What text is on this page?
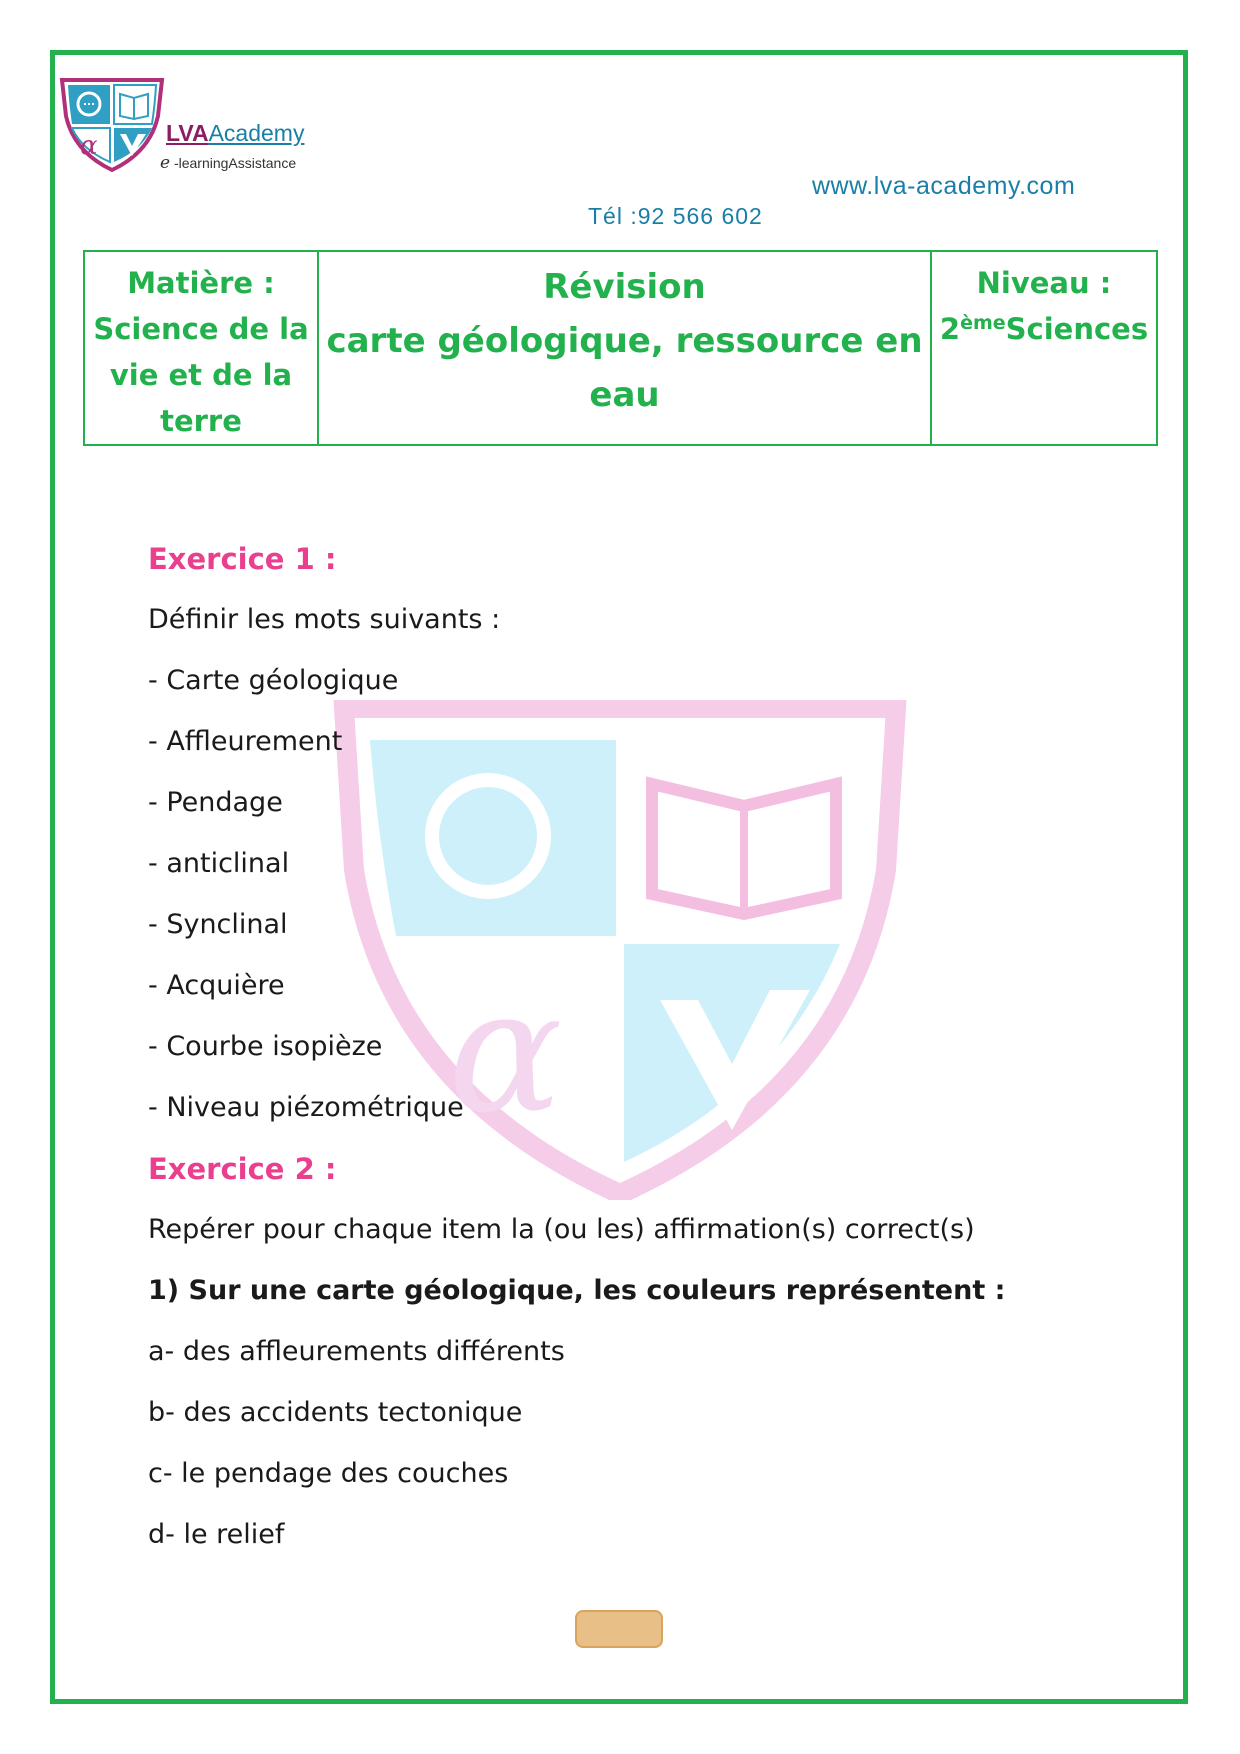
α	LVAAcademy
e -learningAssistance
www.lva-academy.com
Tél :92 566 602
Matière :
Science de la
vie et de la
terre

Révision
carte géologique, ressource en
eau

Niveau :
2èmeSciences
α
Exercice 1 :
Définir les mots suivants :
- Carte géologique
- Affleurement
- Pendage
- anticlinal
- Synclinal
- Acquière
- Courbe isopièze
- Niveau piézométrique
Exercice 2 :
Repérer pour chaque item la (ou les) affirmation(s) correct(s)
1) Sur une carte géologique, les couleurs représentent :
a- des affleurements différents
b- des accidents tectonique
c- le pendage des couches
d- le relief
